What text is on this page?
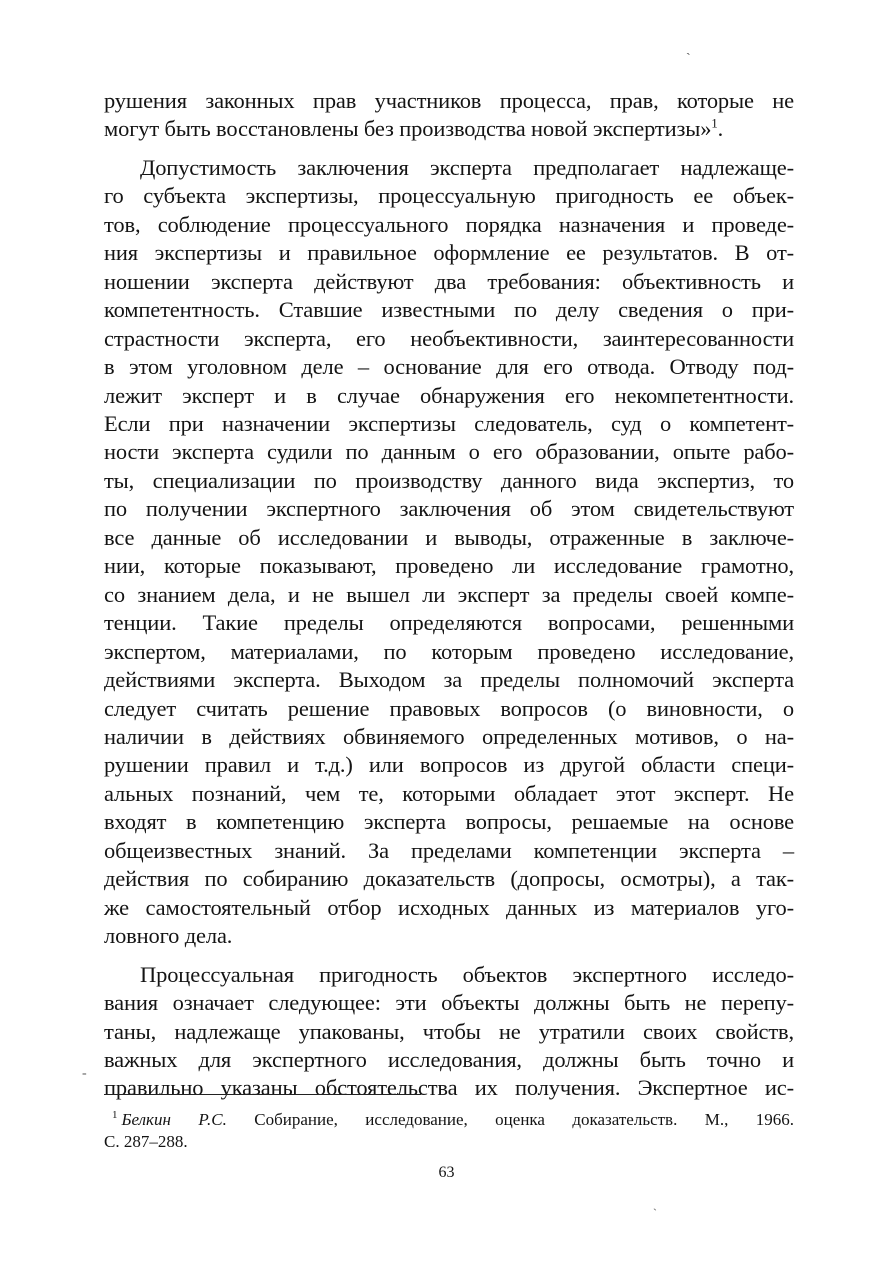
ˏ
-
ˎ

рушения законных прав участников процесса, прав, которые не
могут быть восстановлены без производства новой экспертизы»$^1$.

Допустимость заключения эксперта предполагает надлежаще-
го субъекта экспертизы, процессуальную пригодность ее объек-
тов, соблюдение процессуального порядка назначения и проведе-
ния экспертизы и правильное оформление ее результатов. В от-
ношении эксперта действуют два требования: объективность и
компетентность. Ставшие известными по делу сведения о при-
страстности эксперта, его необъективности, заинтересованности
в этом уголовном деле – основание для его отвода. Отводу под-
лежит эксперт и в случае обнаружения его некомпетентности.
Если при назначении экспертизы следователь, суд о компетент-
ности эксперта судили по данным о его образовании, опыте рабо-
ты, специализации по производству данного вида экспертиз, то
по получении экспертного заключения об этом свидетельствуют
все данные об исследовании и выводы, отраженные в заключе-
нии, которые показывают, проведено ли исследование грамотно,
со знанием дела, и не вышел ли эксперт за пределы своей компе-
тенции. Такие пределы определяются вопросами, решенными
экспертом, материалами, по которым проведено исследование,
действиями эксперта. Выходом за пределы полномочий эксперта
следует считать решение правовых вопросов (о виновности, о
наличии в действиях обвиняемого определенных мотивов, о на-
рушении правил и т.д.) или вопросов из другой области специ-
альных познаний, чем те, которыми обладает этот эксперт. Не
входят в компетенцию эксперта вопросы, решаемые на основе
общеизвестных знаний. За пределами компетенции эксперта –
действия по собиранию доказательств (допросы, осмотры), а так-
же самостоятельный отбор исходных данных из материалов уго-
ловного дела.

Процессуальная пригодность объектов экспертного исследо-
вания означает следующее: эти объекты должны быть не перепу-
таны, надлежаще упакованы, чтобы не утратили своих свойств,
важных для экспертного исследования, должны быть точно и
правильно указаны обстоятельства их получения. Экспертное ис-

$^1$ Белкин Р.С. Собирание, исследование, оценка доказательств. М., 1966.
С. 287–288.
63
